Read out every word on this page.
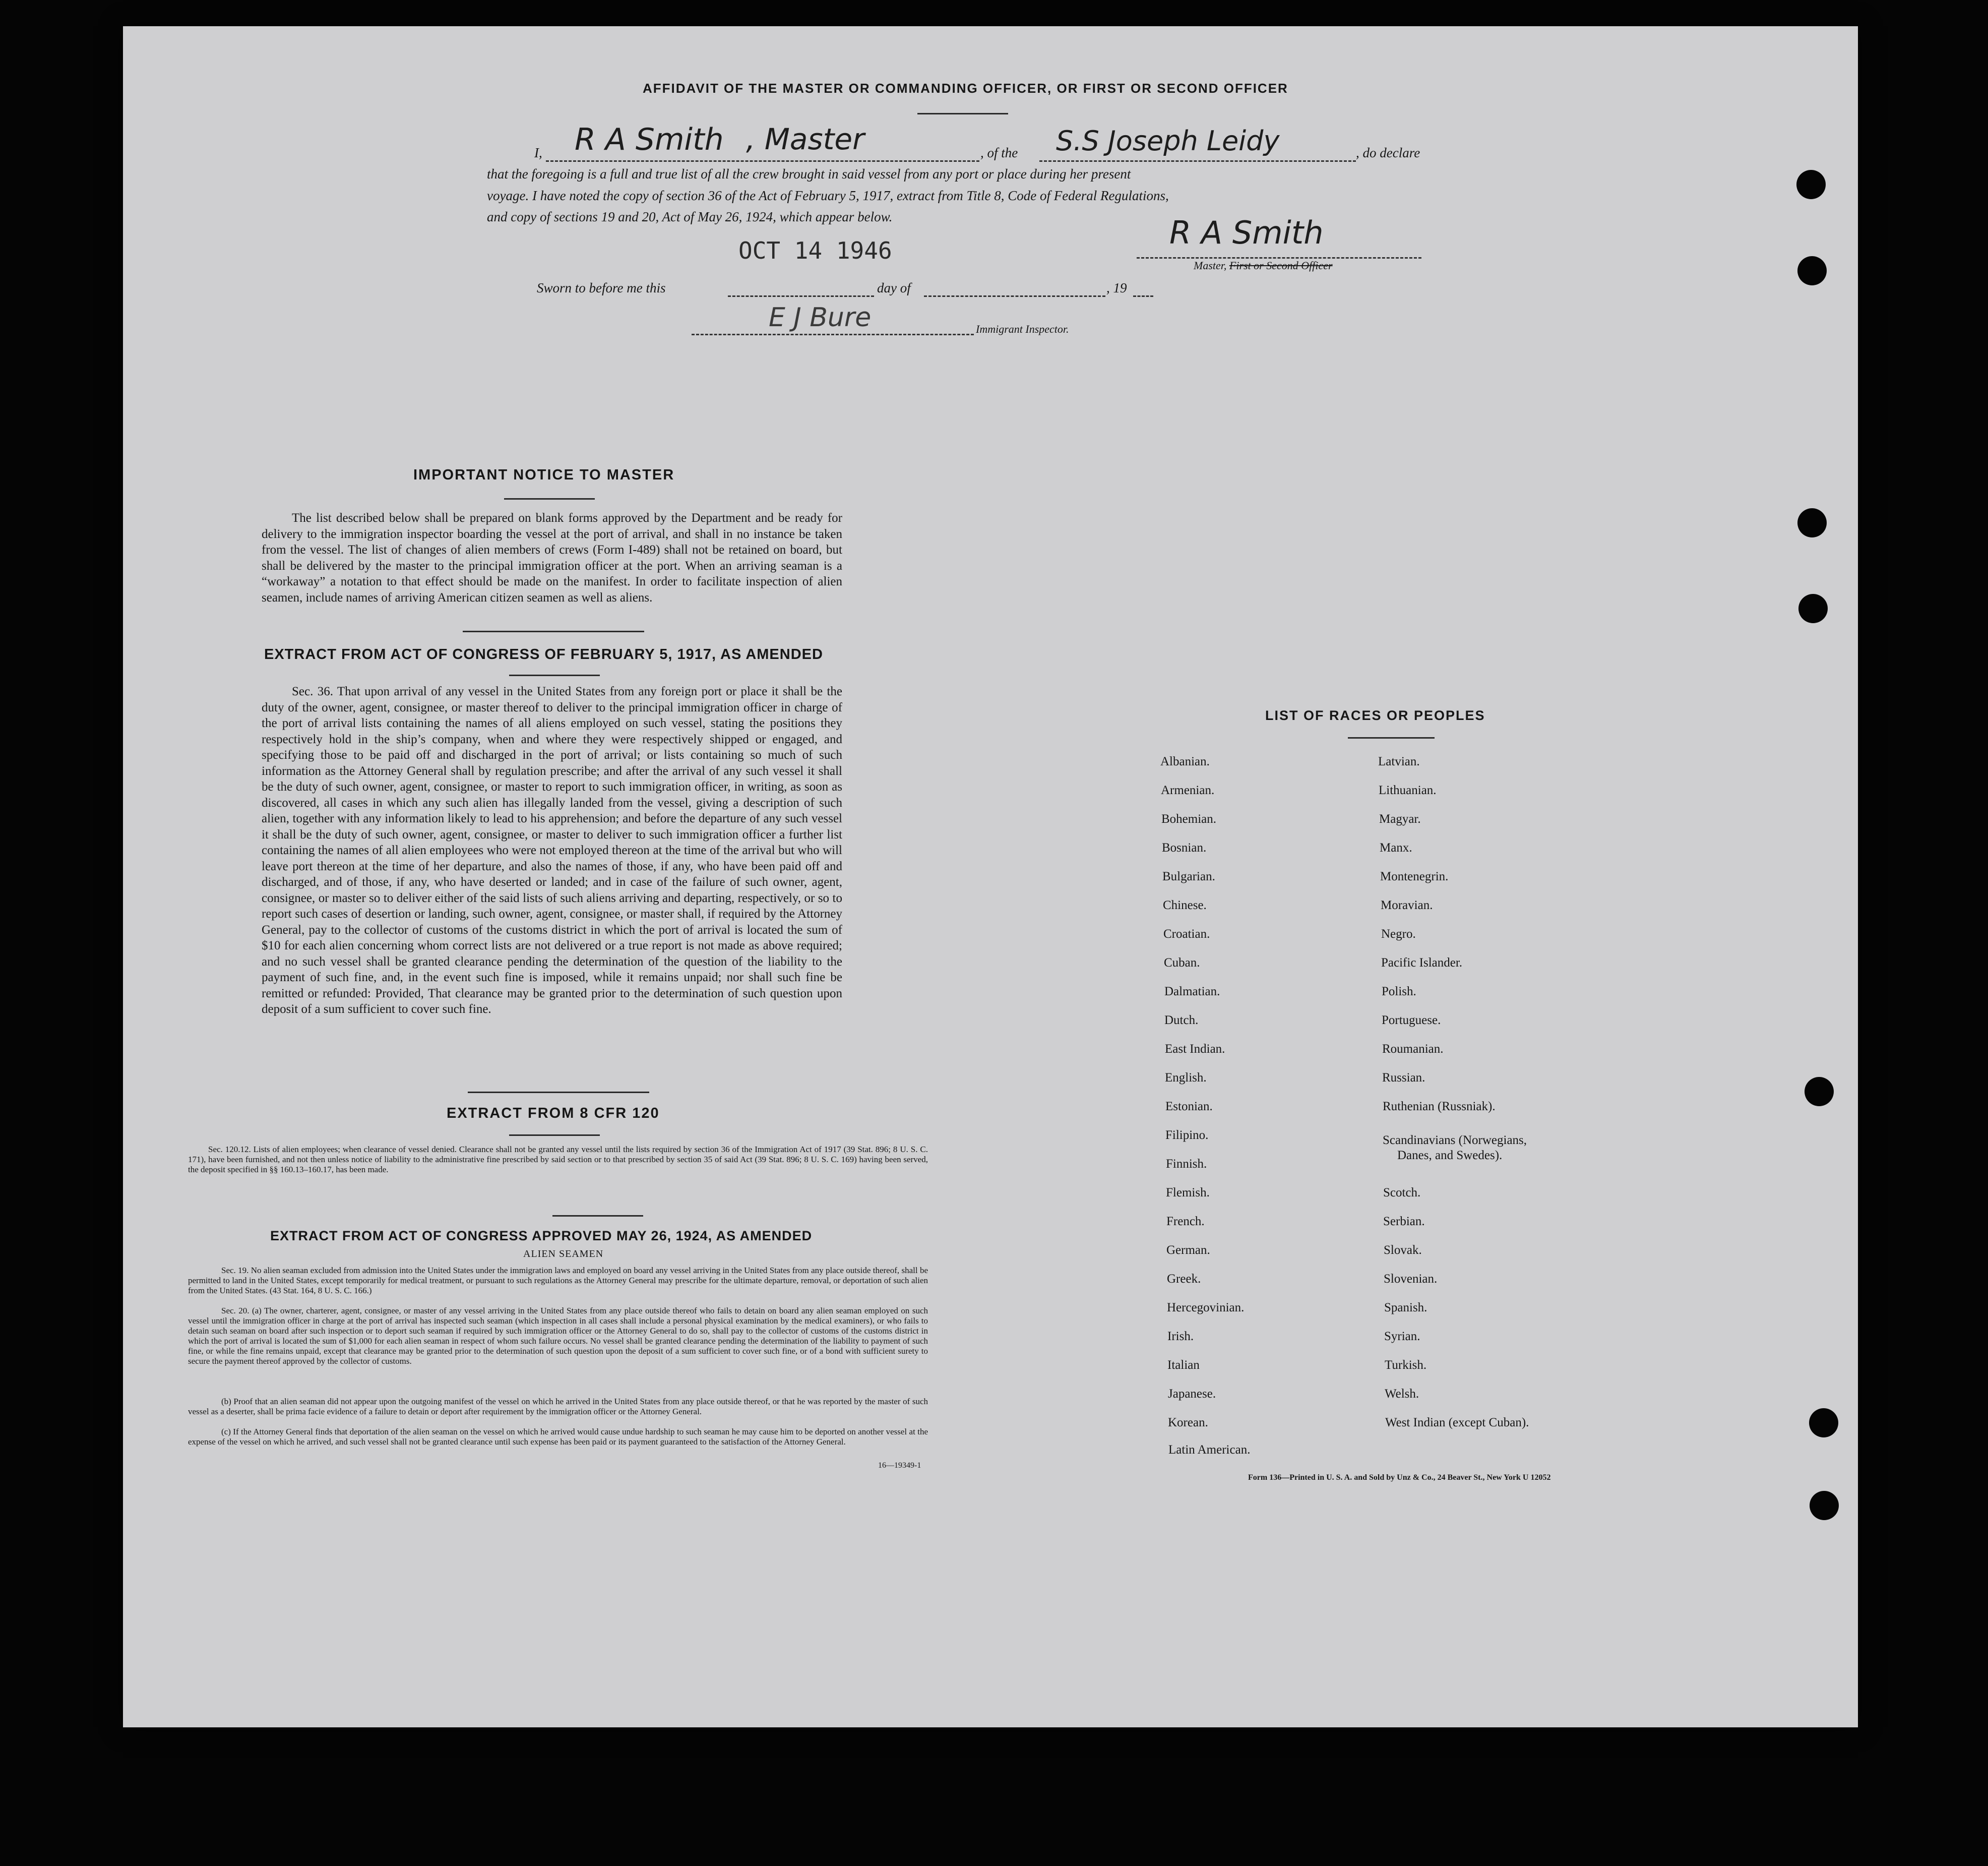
AFFIDAVIT OF THE MASTER OR COMMANDING OFFICER, OR FIRST OR SECOND OFFICER
I, R A Smith , Master	, of the S.S Joseph Leidy	, do declare
that the foregoing is a full and true list of all the crew brought in said vessel from any port or place during her present
voyage. I have noted the copy of section 36 of the Act of February 5, 1917, extract from Title 8, Code of Federal Regulations,
and copy of sections 19 and 20, Act of May 26, 1924, which appear below.
OCT 14 1946	R A Smith
Master, First or Second Officer
Sworn to before me this	day of	, 19
E J Bure	Immigrant Inspector.
IMPORTANT NOTICE TO MASTER
The list described below shall be prepared on blank forms approved by the Department and be ready for delivery to the immigration inspector boarding the vessel at the port of arrival, and shall in no instance be taken from the vessel. The list of changes of alien members of crews (Form I-489) shall not be retained on board, but shall be delivered by the master to the principal immigration officer at the port. When an arriving seaman is a “workaway” a notation to that effect should be made on the manifest. In order to facilitate inspection of alien seamen, include names of arriving American citizen seamen as well as aliens.
EXTRACT FROM ACT OF CONGRESS OF FEBRUARY 5, 1917, AS AMENDED
Sec. 36. That upon arrival of any vessel in the United States from any foreign port or place it shall be the duty of the owner, agent, consignee, or master thereof to deliver to the principal immigration officer in charge of the port of arrival lists containing the names of all aliens employed on such vessel, stating the positions they respectively hold in the ship’s company, when and where they were respectively shipped or engaged, and specifying those to be paid off and discharged in the port of arrival; or lists containing so much of such information as the Attorney General shall by regulation prescribe; and after the arrival of any such vessel it shall be the duty of such owner, agent, consignee, or master to report to such immigration officer, in writing, as soon as discovered, all cases in which any such alien has illegally landed from the vessel, giving a description of such alien, together with any information likely to lead to his apprehension; and before the departure of any such vessel it shall be the duty of such owner, agent, consignee, or master to deliver to such immigration officer a further list containing the names of all alien employees who were not employed thereon at the time of the arrival but who will leave port thereon at the time of her departure, and also the names of those, if any, who have been paid off and discharged, and of those, if any, who have deserted or landed; and in case of the failure of such owner, agent, consignee, or master so to deliver either of the said lists of such aliens arriving and departing, respectively, or so to report such cases of desertion or landing, such owner, agent, consignee, or master shall, if required by the Attorney General, pay to the collector of customs of the customs district in which the port of arrival is located the sum of $10 for each alien concerning whom correct lists are not delivered or a true report is not made as above required; and no such vessel shall be granted clearance pending the determination of the question of the liability to the payment of such fine, and, in the event such fine is imposed, while it remains unpaid; nor shall such fine be remitted or refunded: Provided, That clearance may be granted prior to the determination of such question upon deposit of a sum sufficient to cover such fine.
EXTRACT FROM 8 CFR 120
Sec. 120.12. Lists of alien employees; when clearance of vessel denied. Clearance shall not be granted any vessel until the lists required by section 36 of the Immigration Act of 1917 (39 Stat. 896; 8 U. S. C. 171), have been furnished, and not then unless notice of liability to the administrative fine prescribed by said section or to that prescribed by section 35 of said Act (39 Stat. 896; 8 U. S. C. 169) having been served, the deposit specified in §§ 160.13–160.17, has been made.
EXTRACT FROM ACT OF CONGRESS APPROVED MAY 26, 1924, AS AMENDED
ALIEN SEAMEN
Sec. 19. No alien seaman excluded from admission into the United States under the immigration laws and employed on board any vessel arriving in the United States from any place outside thereof, shall be permitted to land in the United States, except temporarily for medical treatment, or pursuant to such regulations as the Attorney General may prescribe for the ultimate departure, removal, or deportation of such alien from the United States. (43 Stat. 164, 8 U. S. C. 166.)
Sec. 20. (a) The owner, charterer, agent, consignee, or master of any vessel arriving in the United States from any place outside thereof who fails to detain on board any alien seaman employed on such vessel until the immigration officer in charge at the port of arrival has inspected such seaman (which inspection in all cases shall include a personal physical examination by the medical examiners), or who fails to detain such seaman on board after such inspection or to deport such seaman if required by such immigration officer or the Attorney General to do so, shall pay to the collector of customs of the customs district in which the port of arrival is located the sum of $1,000 for each alien seaman in respect of whom such failure occurs. No vessel shall be granted clearance pending the determination of the liability to payment of such fine, or while the fine remains unpaid, except that clearance may be granted prior to the determination of such question upon the deposit of a sum sufficient to cover such fine, or of a bond with sufficient surety to secure the payment thereof approved by the collector of customs.
(b) Proof that an alien seaman did not appear upon the outgoing manifest of the vessel on which he arrived in the United States from any place outside thereof, or that he was reported by the master of such vessel as a deserter, shall be prima facie evidence of a failure to detain or deport after requirement by the immigration officer or the Attorney General.
(c) If the Attorney General finds that deportation of the alien seaman on the vessel on which he arrived would cause undue hardship to such seaman he may cause him to be deported on another vessel at the expense of the vessel on which he arrived, and such vessel shall not be granted clearance until such expense has been paid or its payment guaranteed to the satisfaction of the Attorney General.
16—19349-1
LIST OF RACES OR PEOPLES
Albanian.
Armenian.
Bohemian.
Bosnian.
Bulgarian.
Chinese.
Croatian.
Cuban.
Dalmatian.
Dutch.
East Indian.
English.
Estonian.
Filipino.
Finnish.
Flemish.
French.
German.
Greek.
Hercegovinian.
Irish.
Italian
Japanese.
Korean.
Latin American.
Latvian.
Lithuanian.
Magyar.
Manx.
Montenegrin.
Moravian.
Negro.
Pacific Islander.
Polish.
Portuguese.
Roumanian.
Russian.
Ruthenian (Russniak).
Scandinavians (Norwegians,
Danes, and Swedes).
Scotch.
Serbian.
Slovak.
Slovenian.
Spanish.
Syrian.
Turkish.
Welsh.
West Indian (except Cuban).
Form 136—Printed in U. S. A. and Sold by Unz & Co., 24 Beaver St., New York U 12052
